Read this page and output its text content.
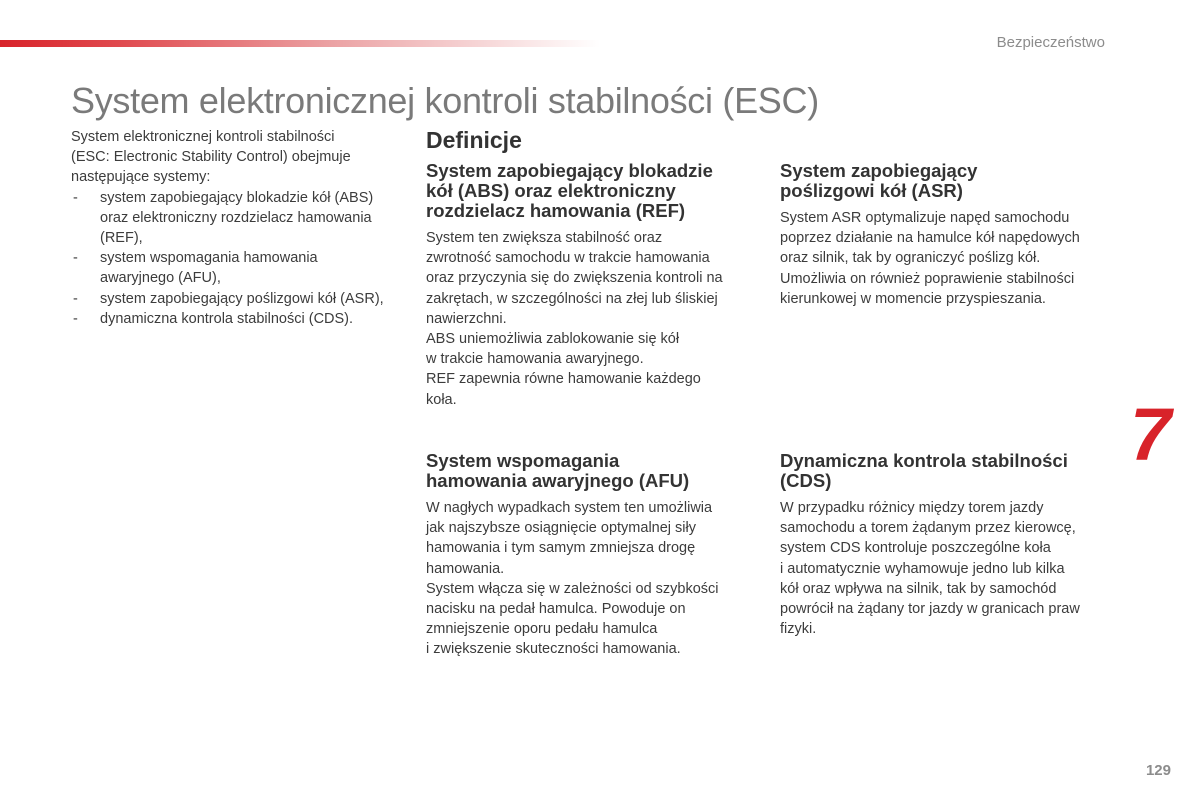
Bezpieczeństwo
System elektronicznej kontroli stabilności (ESC)

System elektronicznej kontroli stabilności

(ESC: Electronic Stability Control) obejmuje

następujące systemy:

- system zapobiegający blokadzie kół (ABS)
oraz elektroniczny rozdzielacz hamowania
(REF),
- system wspomagania hamowania
awaryjnego (AFU),
- system zapobiegający poślizgowi kół (ASR),
- dynamiczna kontrola stabilności (CDS).
Definicje
System zapobiegający blokadzie
kół (ABS) oraz elektroniczny
rozdzielacz hamowania (REF)

System ten zwiększa stabilność oraz

zwrotność samochodu w trakcie hamowania

oraz przyczynia się do zwiększenia kontroli na

zakrętach, w szczególności na złej lub śliskiej

nawierzchni.

ABS uniemożliwia zablokowanie się kół

w trakcie hamowania awaryjnego.

REF zapewnia równe hamowanie każdego

koła.

System zapobiegający
poślizgowi kół (ASR)

System ASR optymalizuje napęd samochodu

poprzez działanie na hamulce kół napędowych

oraz silnik, tak by ograniczyć poślizg kół.

Umożliwia on również poprawienie stabilności

kierunkowej w momencie przyspieszania.

System wspomagania
hamowania awaryjnego (AFU)

W nagłych wypadkach system ten umożliwia

jak najszybsze osiągnięcie optymalnej siły

hamowania i tym samym zmniejsza drogę

hamowania.

System włącza się w zależności od szybkości

nacisku na pedał hamulca. Powoduje on

zmniejszenie oporu pedału hamulca

i zwiększenie skuteczności hamowania.

Dynamiczna kontrola stabilności
(CDS)

W przypadku różnicy między torem jazdy

samochodu a torem żądanym przez kierowcę,

system CDS kontroluje poszczególne koła

i automatycznie wyhamowuje jedno lub kilka

kół oraz wpływa na silnik, tak by samochód

powrócił na żądany tor jazdy w granicach praw

fizyki.

7
129
